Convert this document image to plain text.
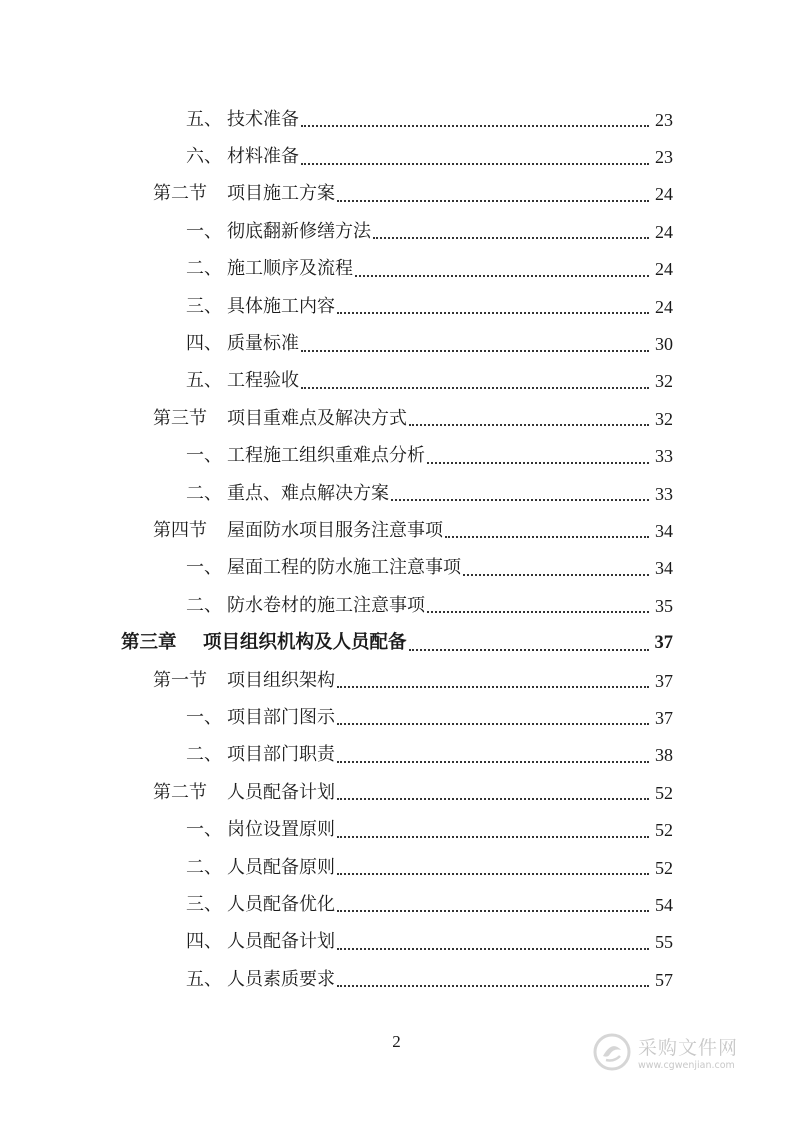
五、 技术准备	23
六、 材料准备	23
第二节 项目施工方案	24
一、 彻底翻新修缮方法	24
二、 施工顺序及流程	24
三、 具体施工内容	24
四、 质量标准	30
五、 工程验收	32
第三节 项目重难点及解决方式	32
一、 工程施工组织重难点分析	33
二、 重点、难点解决方案	33
第四节 屋面防水项目服务注意事项	34
一、 屋面工程的防水施工注意事项	34
二、 防水卷材的施工注意事项	35
第三章 项目组织机构及人员配备	37
第一节 项目组织架构	37
一、 项目部门图示	37
二、 项目部门职责	38
第二节 人员配备计划	52
一、 岗位设置原则	52
二、 人员配备原则	52
三、 人员配备优化	54
四、 人员配备计划	55
五、 人员素质要求	57
2	采购文件网
www.cgwenjian.com
